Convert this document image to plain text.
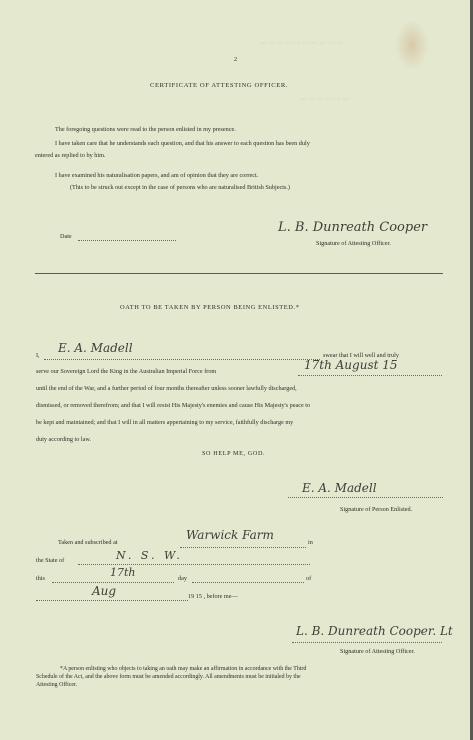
~~~~~~~~~~
~~~~~~
2
CERTIFICATE OF ATTESTING OFFICER.
The foregoing questions were read to the person enlisted in my presence.
I have taken care that he understands each question, and that his answer to each question has been duly
entered as replied to by him.
I have examined his naturalisation papers, and am of opinion that they are correct.
(This to be struck out except in the case of persons who are naturalised British Subjects.)
Date
L. B. Dunreath Cooper
Signature of Attesting Officer.
OATH TO BE TAKEN BY PERSON BEING ENLISTED.*
I,
E. A. Madell
swear that I will well and truly
serve our Sovereign Lord the King in the Australian Imperial Force from	17th August 15
until the end of the War, and a further period of four months thereafter unless sooner lawfully discharged,
dismissed, or removed therefrom; and that I will resist His Majesty's enemies and cause His Majesty's peace to
be kept and maintained; and that I will in all matters appertaining to my service, faithfully discharge my
duty according to law.
SO HELP ME, GOD.
E. A. Madell
Signature of Person Enlisted.
Taken and subscribed at
Warwick Farm
in
the State of	N. S. W.
this	17th	day	of
Aug	19 15 , before me—
L. B. Dunreath Cooper. Lt
Signature of Attesting Officer.
*A person enlisting who objects to taking an oath may make an affirmation in accordance with the Third
Schedule of the Act, and the above form must be amended accordingly. All amendments must be initialed by the
Attesting Officer.
